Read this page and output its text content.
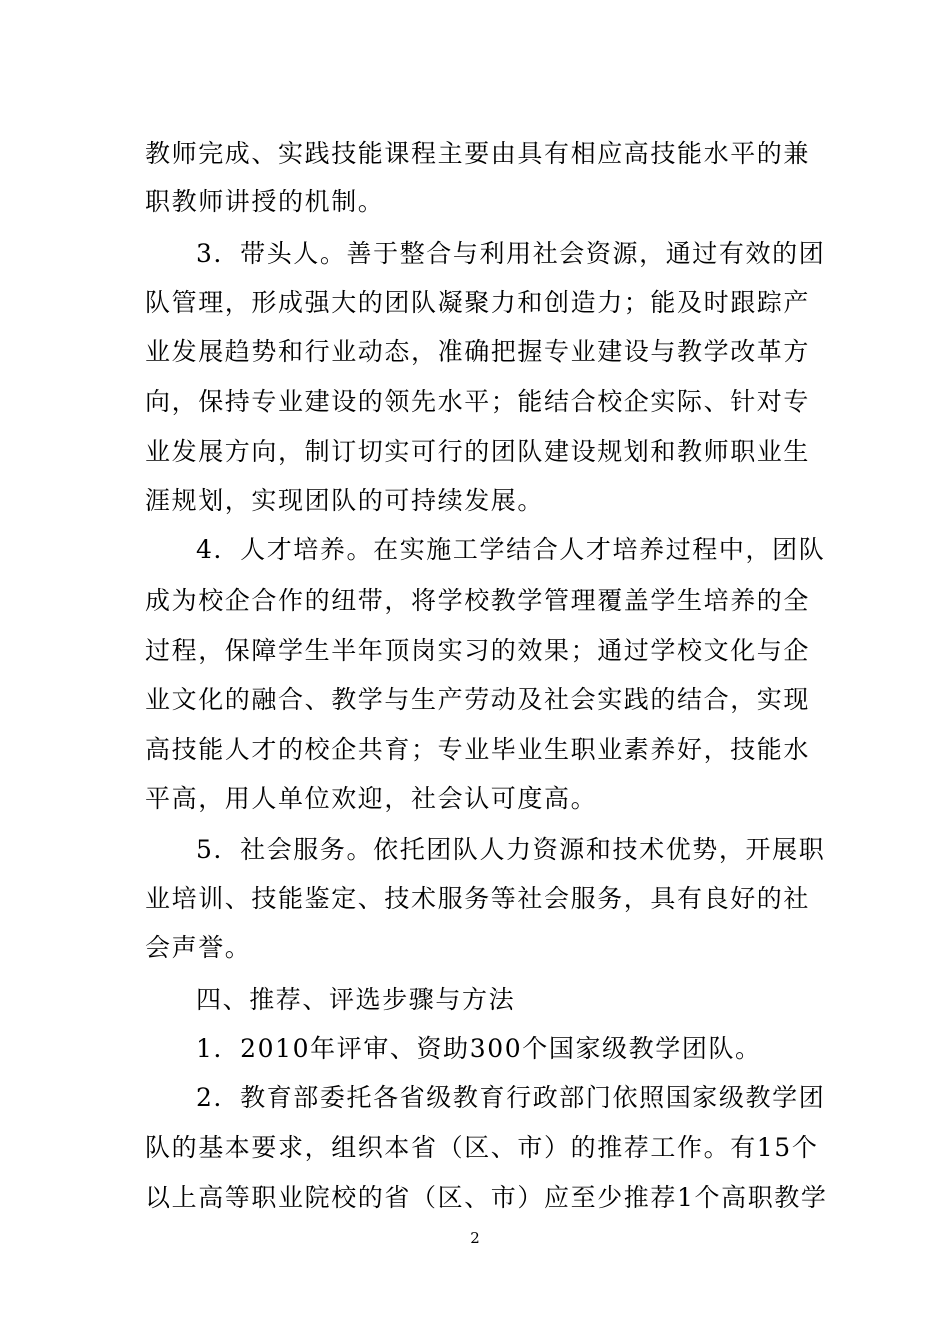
教师完成、实践技能课程主要由具有相应高技能水平的兼
职教师讲授的机制。
3．带头人。善于整合与利用社会资源，通过有效的团
队管理，形成强大的团队凝聚力和创造力；能及时跟踪产
业发展趋势和行业动态，准确把握专业建设与教学改革方
向，保持专业建设的领先水平；能结合校企实际、针对专
业发展方向，制订切实可行的团队建设规划和教师职业生
涯规划，实现团队的可持续发展。
4．人才培养。在实施工学结合人才培养过程中，团队
成为校企合作的纽带，将学校教学管理覆盖学生培养的全
过程，保障学生半年顶岗实习的效果；通过学校文化与企
业文化的融合、教学与生产劳动及社会实践的结合，实现
高技能人才的校企共育；专业毕业生职业素养好，技能水
平高，用人单位欢迎，社会认可度高。
5．社会服务。依托团队人力资源和技术优势，开展职
业培训、技能鉴定、技术服务等社会服务，具有良好的社
会声誉。
四、推荐、评选步骤与方法
1．2010年评审、资助300个国家级教学团队。
2．教育部委托各省级教育行政部门依照国家级教学团
队的基本要求，组织本省（区、市）的推荐工作。有15个
以上高等职业院校的省（区、市）应至少推荐1个高职教学
2
